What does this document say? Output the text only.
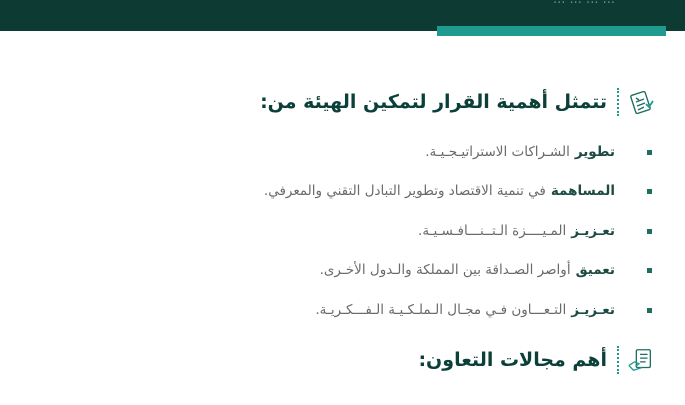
تتمثل أهمية القرار لتمكين الهيئة من:
تطوير
الشـراكات الاستراتيـجـيـة.
المساهمة
في تنمية الاقتصاد وتطوير التبادل التقني والمعرفي.
تعـزيـز
المـيــــزة الـتــنـــافـسـيـة.
تعميق
أواصر الصـداقة بين المملكة والـدول الأخـرى.
تعـزيـز
التـعـــاون فـي مجـال الـملـكـيـة الـفـــكـريـة.
أهم مجالات التعاون:
